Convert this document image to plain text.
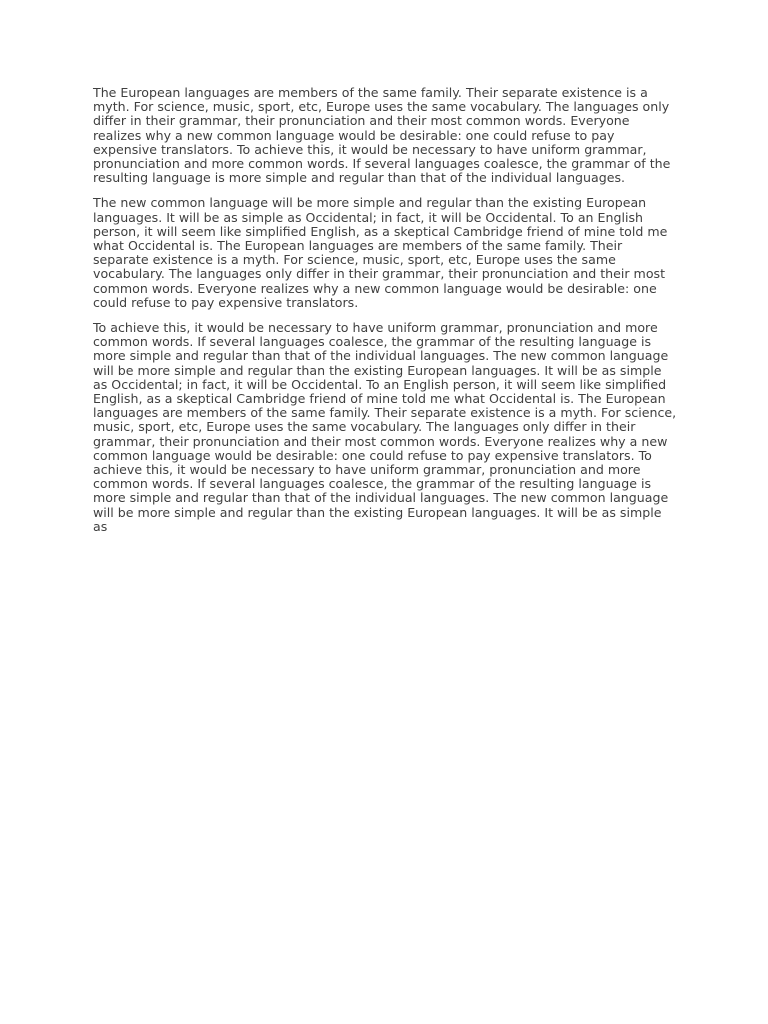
The European languages are members of the same family. Their separate existence is a myth. For science, music, sport, etc, Europe uses the same vocabulary. The languages only differ in their grammar, their pronunciation and their most common words. Everyone realizes why a new common language would be desirable: one could refuse to pay expensive translators. To achieve this, it would be necessary to have uniform grammar, pronunciation and more common words. If several languages coalesce, the grammar of the resulting language is more simple and regular than that of the individual languages.

The new common language will be more simple and regular than the existing European languages. It will be as simple as Occidental; in fact, it will be Occidental. To an English person, it will seem like simplified English, as a skeptical Cambridge friend of mine told me what Occidental is. The European languages are members of the same family. Their separate existence is a myth. For science, music, sport, etc, Europe uses the same vocabulary. The languages only differ in their grammar, their pronunciation and their most common words. Everyone realizes why a new common language would be desirable: one could refuse to pay expensive translators.

To achieve this, it would be necessary to have uniform grammar, pronunciation and more common words. If several languages coalesce, the grammar of the resulting language is more simple and regular than that of the individual languages. The new common language will be more simple and regular than the existing European languages. It will be as simple as Occidental; in fact, it will be Occidental. To an English person, it will seem like simplified English, as a skeptical Cambridge friend of mine told me what Occidental is. The European languages are members of the same family. Their separate existence is a myth. For science, music, sport, etc, Europe uses the same vocabulary. The languages only differ in their grammar, their pronunciation and their most common words. Everyone realizes why a new common language would be desirable: one could refuse to pay expensive translators. To achieve this, it would be necessary to have uniform grammar, pronunciation and more common words. If several languages coalesce, the grammar of the resulting language is more simple and regular than that of the individual languages. The new common language will be more simple and regular than the existing European languages. It will be as simple as
